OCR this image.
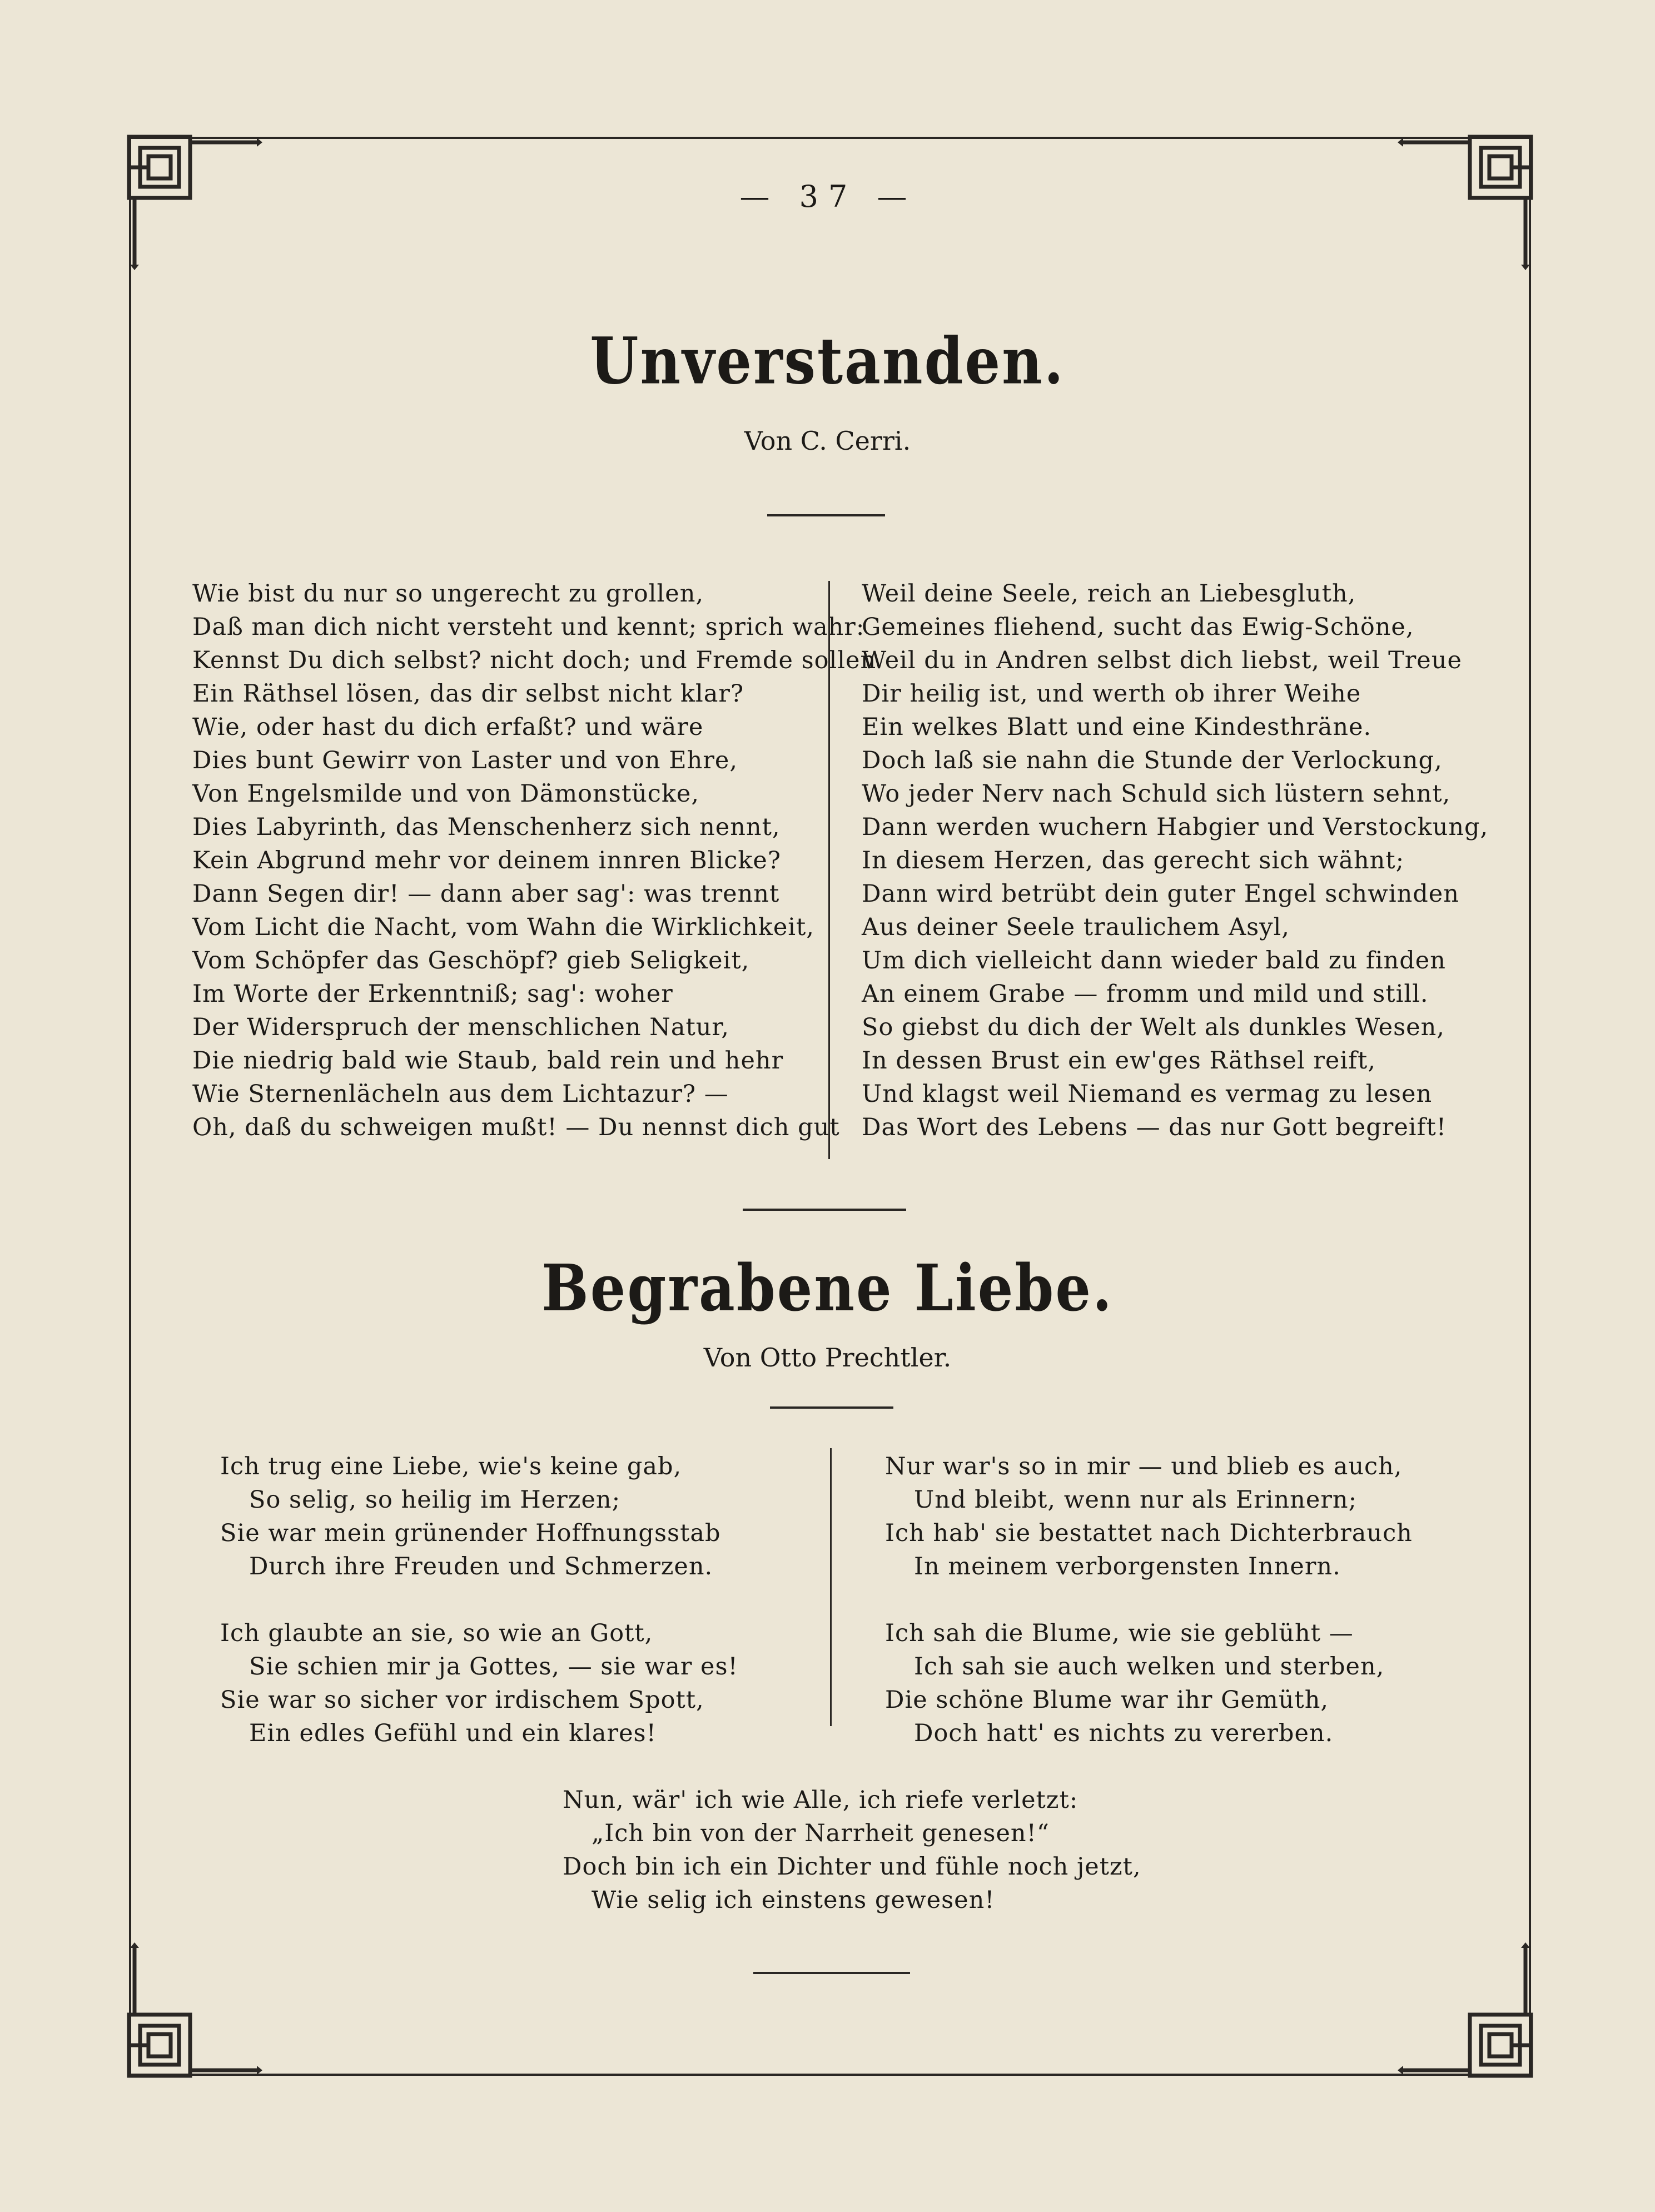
— 37 —
Unverstanden.
Von C. Cerri.
Wie bist du nur so ungerecht zu grollen,
Daß man dich nicht versteht und kennt; sprich wahr:
Kennst Du dich selbst? nicht doch; und Fremde sollen
Ein Räthsel lösen, das dir selbst nicht klar?
Wie, oder hast du dich erfaßt? und wäre
Dies bunt Gewirr von Laster und von Ehre,
Von Engelsmilde und von Dämonstücke,
Dies Labyrinth, das Menschenherz sich nennt,
Kein Abgrund mehr vor deinem innren Blicke?
Dann Segen dir! — dann aber sag': was trennt
Vom Licht die Nacht, vom Wahn die Wirklichkeit,
Vom Schöpfer das Geschöpf? gieb Seligkeit,
Im Worte der Erkenntniß; sag': woher
Der Widerspruch der menschlichen Natur,
Die niedrig bald wie Staub, bald rein und hehr
Wie Sternenlächeln aus dem Lichtazur? —
Oh, daß du schweigen mußt! — Du nennst dich gut
Weil deine Seele, reich an Liebesgluth,
Gemeines fliehend, sucht das Ewig-Schöne,
Weil du in Andren selbst dich liebst, weil Treue
Dir heilig ist, und werth ob ihrer Weihe
Ein welkes Blatt und eine Kindesthräne.
Doch laß sie nahn die Stunde der Verlockung,
Wo jeder Nerv nach Schuld sich lüstern sehnt,
Dann werden wuchern Habgier und Verstockung,
In diesem Herzen, das gerecht sich wähnt;
Dann wird betrübt dein guter Engel schwinden
Aus deiner Seele traulichem Asyl,
Um dich vielleicht dann wieder bald zu finden
An einem Grabe — fromm und mild und still.
So giebst du dich der Welt als dunkles Wesen,
In dessen Brust ein ew'ges Räthsel reift,
Und klagst weil Niemand es vermag zu lesen
Das Wort des Lebens — das nur Gott begreift!
Begrabene Liebe.
Von Otto Prechtler.
Ich trug eine Liebe, wie's keine gab,
So selig, so heilig im Herzen;
Sie war mein grünender Hoffnungsstab
Durch ihre Freuden und Schmerzen.
Ich glaubte an sie, so wie an Gott,
Sie schien mir ja Gottes, — sie war es!
Sie war so sicher vor irdischem Spott,
Ein edles Gefühl und ein klares!
Nur war's so in mir — und blieb es auch,
Und bleibt, wenn nur als Erinnern;
Ich hab' sie bestattet nach Dichterbrauch
In meinem verborgensten Innern.
Ich sah die Blume, wie sie geblüht —
Ich sah sie auch welken und sterben,
Die schöne Blume war ihr Gemüth,
Doch hatt' es nichts zu vererben.
Nun, wär' ich wie Alle, ich riefe verletzt:
„Ich bin von der Narrheit genesen!“
Doch bin ich ein Dichter und fühle noch jetzt,
Wie selig ich einstens gewesen!
